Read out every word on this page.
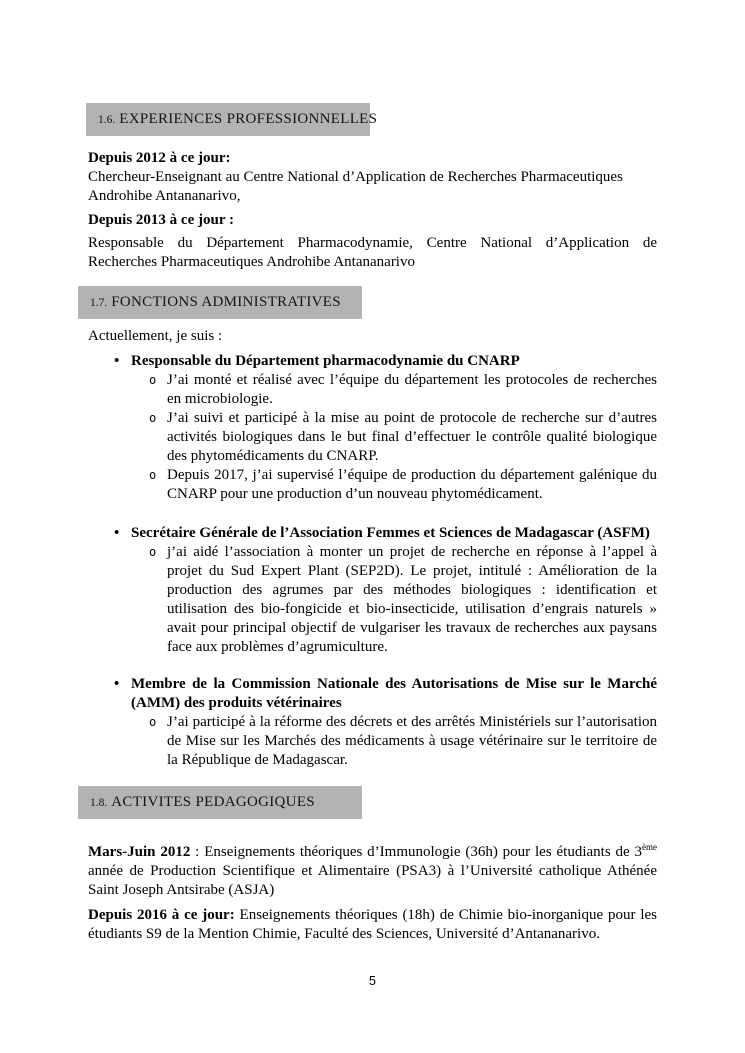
1.6. EXPERIENCES PROFESSIONNELLES

Depuis 2012 à ce jour:

Chercheur-Enseignant au Centre National d’Application de Recherches Pharmaceutiques Androhibe Antananarivo,

Depuis 2013 à ce jour :

Responsable du Département Pharmacodynamie, Centre National d’Application de Recherches Pharmaceutiques Androhibe Antananarivo

1.7. FONCTIONS ADMINISTRATIVES

Actuellement, je suis :

• Responsable du Département pharmacodynamie du CNARP
o J’ai monté et réalisé avec l’équipe du département les protocoles de recherches en microbiologie.
o J’ai suivi et participé à la mise au point de protocole de recherche sur d’autres activités biologiques dans le but final d’effectuer le contrôle qualité biologique des phytomédicaments du CNARP.
o Depuis 2017, j’ai supervisé l’équipe de production du département galénique du CNARP pour une production d’un nouveau phytomédicament.
• Secrétaire Générale de l’Association Femmes et Sciences de Madagascar (ASFM)
o j’ai aidé l’association à monter un projet de recherche en réponse à l’appel à projet du Sud Expert Plant (SEP2D). Le projet, intitulé : Amélioration de la production des agrumes par des méthodes biologiques : identification et utilisation des bio-fongicide et bio-insecticide, utilisation d’engrais naturels » avait pour principal objectif de vulgariser les travaux de recherches aux paysans face aux problèmes d’agrumiculture.
• Membre de la Commission Nationale des Autorisations de Mise sur le Marché (AMM) des produits vétérinaires
o J’ai participé à la réforme des décrets et des arrêtés Ministériels sur l’autorisation de Mise sur les Marchés des médicaments à usage vétérinaire sur le territoire de la République de Madagascar.
1.8. ACTIVITES PEDAGOGIQUES

Mars-Juin 2012 : Enseignements théoriques d’Immunologie (36h) pour les étudiants de 3ème année de Production Scientifique et Alimentaire (PSA3) à l’Université catholique Athénée Saint Joseph Antsirabe (ASJA)

Depuis 2016 à ce jour: Enseignements théoriques (18h) de Chimie bio-inorganique pour les étudiants S9 de la Mention Chimie, Faculté des Sciences, Université d’Antananarivo.

5
